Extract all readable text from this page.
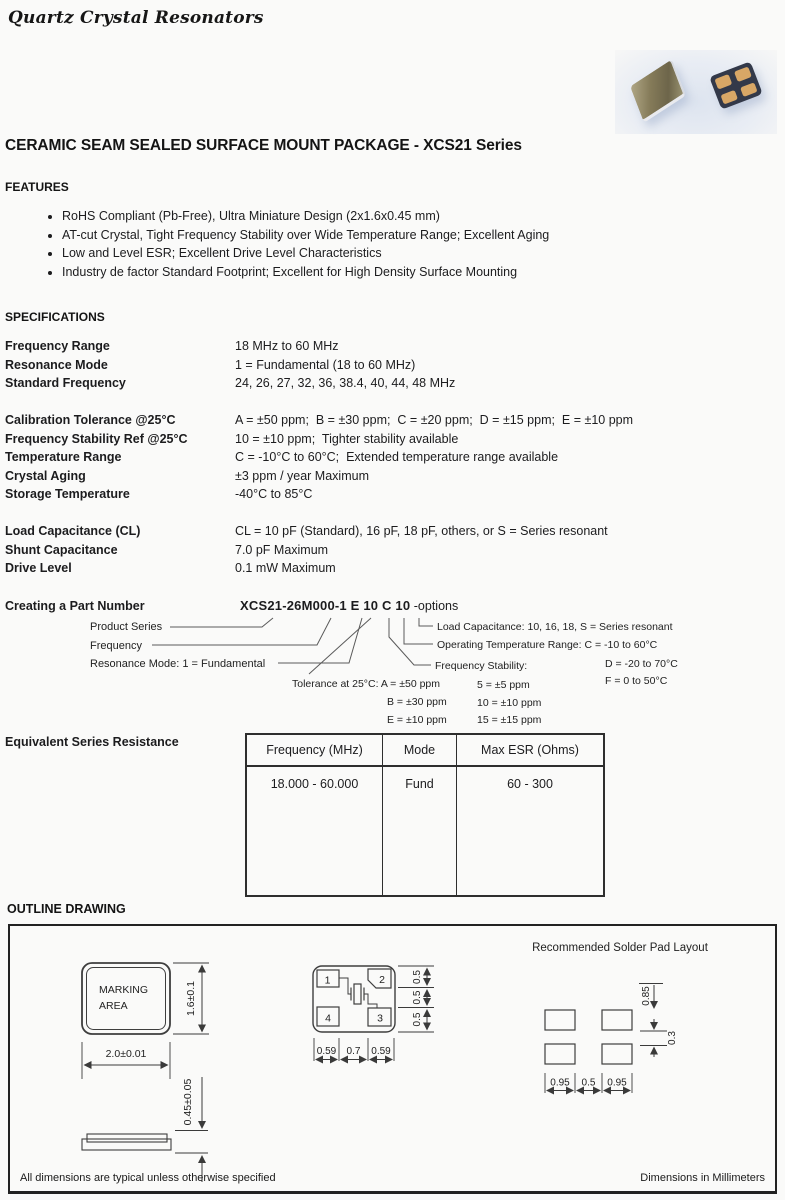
Quartz Crystal Resonators
CERAMIC SEAM SEALED SURFACE MOUNT PACKAGE - XCS21 Series
FEATURES
• RoHS Compliant (Pb-Free), Ultra Miniature Design (2x1.6x0.45 mm)
• AT-cut Crystal, Tight Frequency Stability over Wide Temperature Range; Excellent Aging
• Low and Level ESR; Excellent Drive Level Characteristics
• Industry de factor Standard Footprint; Excellent for High Density Surface Mounting
SPECIFICATIONS
Frequency Range	18 MHz to 60 MHz
Resonance Mode	1 = Fundamental (18 to 60 MHz)
Standard Frequency	24, 26, 27, 32, 36, 38.4, 40, 44, 48 MHz
Calibration Tolerance @25°C	A = ±50 ppm;  B = ±30 ppm;  C = ±20 ppm;  D = ±15 ppm;  E = ±10 ppm
Frequency Stability Ref @25°C	10 = ±10 ppm;  Tighter stability available
Temperature Range	C = -10°C to 60°C;  Extended temperature range available
Crystal Aging	±3 ppm / year Maximum
Storage Temperature	-40°C to 85°C
Load Capacitance (CL)	CL = 10 pF (Standard), 16 pF, 18 pF, others, or S = Series resonant
Shunt Capacitance	7.0 pF Maximum
Drive Level	0.1 mW Maximum
Creating a Part Number	XCS21-26M000-1 E 10 C 10 -options
Product Series
Frequency
Resonance Mode: 1 = Fundamental
Tolerance at 25°C: A = ±50 ppm
B = ±30 ppm
E = ±10 ppm
Load Capacitance: 10, 16, 18, S = Series resonant
Operating Temperature Range: C = -10 to 60°C
D = -20 to 70°C
F = 0 to 50°C
Frequency Stability:
5 = ±5 ppm
10 = ±10 ppm
15 = ±15 ppm
Equivalent Series Resistance
Frequency (MHz)	Mode	Max ESR (Ohms)
18.000 - 60.000	Fund	60 - 300
OUTLINE DRAWING
Recommended Solder Pad Layout
MARKING
AREA	1.6±0.1
2.0±0.01
0.45±0.05
1	2
3
4
0.5
0.5
0.5
0.59 0.7 0.59
0.85
0.3
0.95 0.5 0.95
All dimensions are typical unless otherwise specified	Dimensions in Millimeters
